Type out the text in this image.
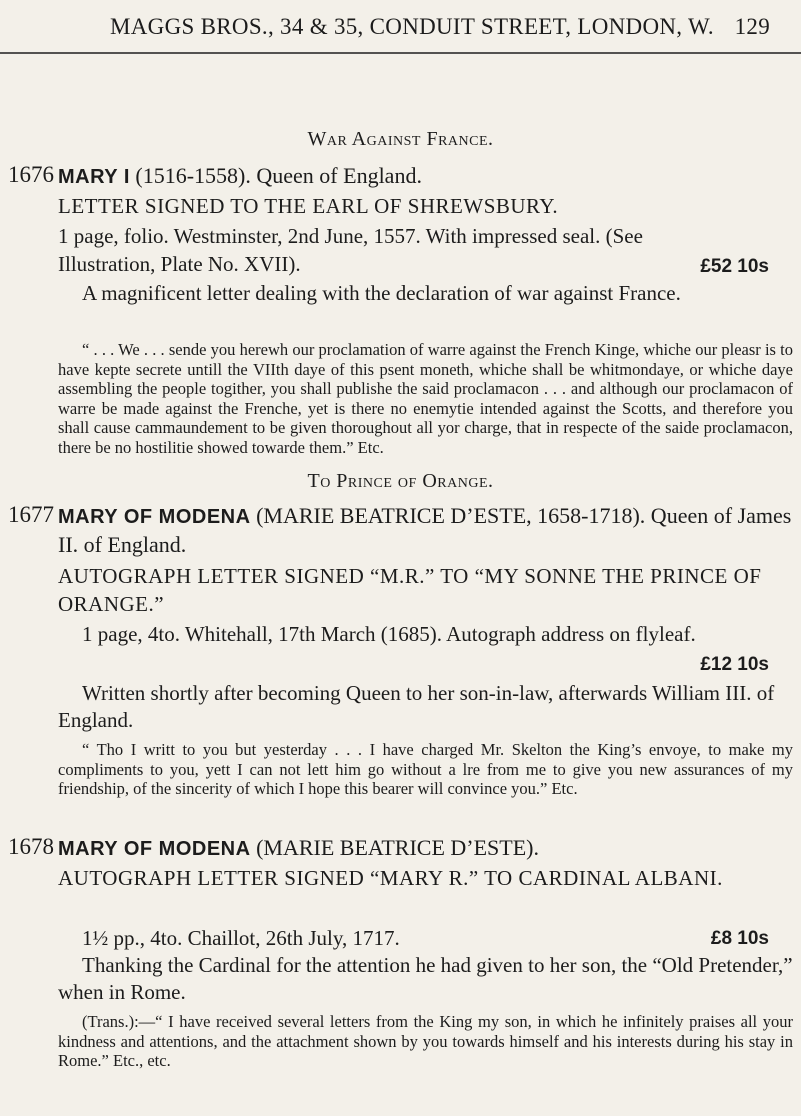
MAGGS BROS., 34 & 35, CONDUIT STREET, LONDON, W. 129
War Against France.
1676 MARY I (1516-1558). Queen of England.
LETTER SIGNED TO THE EARL OF SHREWSBURY.
1 page, folio. Westminster, 2nd June, 1557. With impressed seal. (See Illustration, Plate No. XVII).	£52 10s
A magnificent letter dealing with the declaration of war against France.
“ . . . We . . . sende you herewh our proclamation of warre against the French Kinge, whiche our pleasr is to have kepte secrete untill the VIIth daye of this psent moneth, whiche shall be whitmondaye, or whiche daye assembling the people togither, you shall publishe the said proclamacon . . . and although our proclamacon of warre be made against the Frenche, yet is there no enemytie intended against the Scotts, and therefore you shall cause cammaundement to be given thoroughout all yor charge, that in respecte of the saide proclamacon, there be no hostilitie showed towarde them.” Etc.
To Prince of Orange.
1677 MARY OF MODENA (MARIE BEATRICE D’ESTE, 1658-1718). Queen of James II. of England.
AUTOGRAPH LETTER SIGNED “M.R.” TO “MY SONNE THE PRINCE OF ORANGE.”
1 page, 4to. Whitehall, 17th March (1685). Autograph address on flyleaf.
£12 10s
Written shortly after becoming Queen to her son-in-law, afterwards William III. of England.
“ Tho I writt to you but yesterday . . . I have charged Mr. Skelton the King’s envoye, to make my compliments to you, yett I can not lett him go without a lre from me to give you new assurances of my friendship, of the sincerity of which I hope this bearer will convince you.” Etc.
1678 MARY OF MODENA (MARIE BEATRICE D’ESTE).
AUTOGRAPH LETTER SIGNED “MARY R.” TO CARDINAL ALBANI.
1½ pp., 4to. Chaillot, 26th July, 1717.	£8 10s
Thanking the Cardinal for the attention he had given to her son, the “Old Pretender,” when in Rome.
(Trans.):—“ I have received several letters from the King my son, in which he infinitely praises all your kindness and attentions, and the attachment shown by you towards himself and his interests during his stay in Rome.” Etc., etc.
